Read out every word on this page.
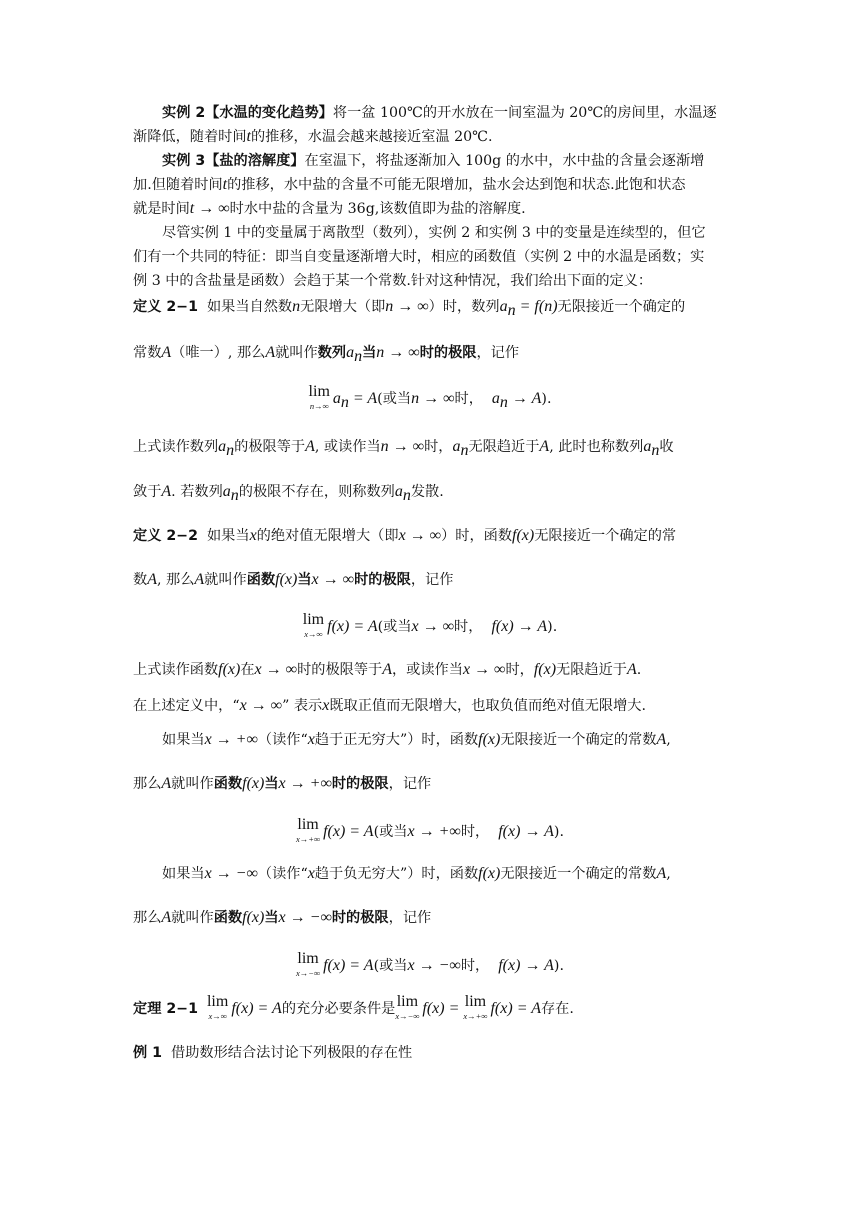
实例 2【水温的变化趋势】将一盆 100℃的开水放在一间室温为 20℃的房间里，水温逐
渐降低，随着时间t的推移，水温会越来越接近室温 20℃.
实例 3【盐的溶解度】在室温下，将盐逐渐加入 100g 的水中，水中盐的含量会逐渐增
加.但随着时间t的推移，水中盐的含量不可能无限增加，盐水会达到饱和状态.此饱和状态
就是时间t → ∞时水中盐的含量为 36g,该数值即为盐的溶解度.
尽管实例 1 中的变量属于离散型（数列），实例 2 和实例 3 中的变量是连续型的，但它
们有一个共同的特征：即当自变量逐渐增大时，相应的函数值（实例 2 中的水温是函数；实
例 3 中的含盐量是函数）会趋于某一个常数.针对这种情况，我们给出下面的定义：
定义 2−1 如果当自然数n无限增大（即n → ∞）时，数列$a_n = f(n)$无限接近一个确定的
常数A（唯一）, 那么A就叫作数列$a_n$当n → ∞时的极限，记作
lim
n→∞ $a_n = A$(或当n → ∞时， $a_n \to A$).
上式读作数列$a_n$的极限等于A, 或读作当n → ∞时，$a_n$无限趋近于A, 此时也称数列$a_n$收
敛于A. 若数列$a_n$的极限不存在，则称数列$a_n$发散.
定义 2−2 如果当x的绝对值无限增大（即x → ∞）时，函数f(x)无限接近一个确定的常
数A, 那么A就叫作函数f(x)当x → ∞时的极限，记作
lim
x→∞ f(x) = A(或当x → ∞时， f(x) → A).
上式读作函数f(x)在x → ∞时的极限等于A，或读作当x → ∞时，f(x)无限趋近于A.
在上述定义中，“x → ∞” 表示x既取正值而无限增大，也取负值而绝对值无限增大.
如果当x → +∞（读作“x趋于正无穷大”）时，函数f(x)无限接近一个确定的常数A,
那么A就叫作函数f(x)当x → +∞时的极限，记作
lim
x→+∞ f(x) = A(或当x → +∞时， f(x) → A).
如果当x → −∞（读作“x趋于负无穷大”）时，函数f(x)无限接近一个确定的常数A,
那么A就叫作函数f(x)当x → −∞时的极限，记作
lim
x→−∞ f(x) = A(或当x → −∞时， f(x) → A).
定理 2−1 lim
x→∞ f(x) = A的充分必要条件是 lim
x→−∞ f(x) = lim
x→+∞ f(x) = A存在.
例 1 借助数形结合法讨论下列极限的存在性
